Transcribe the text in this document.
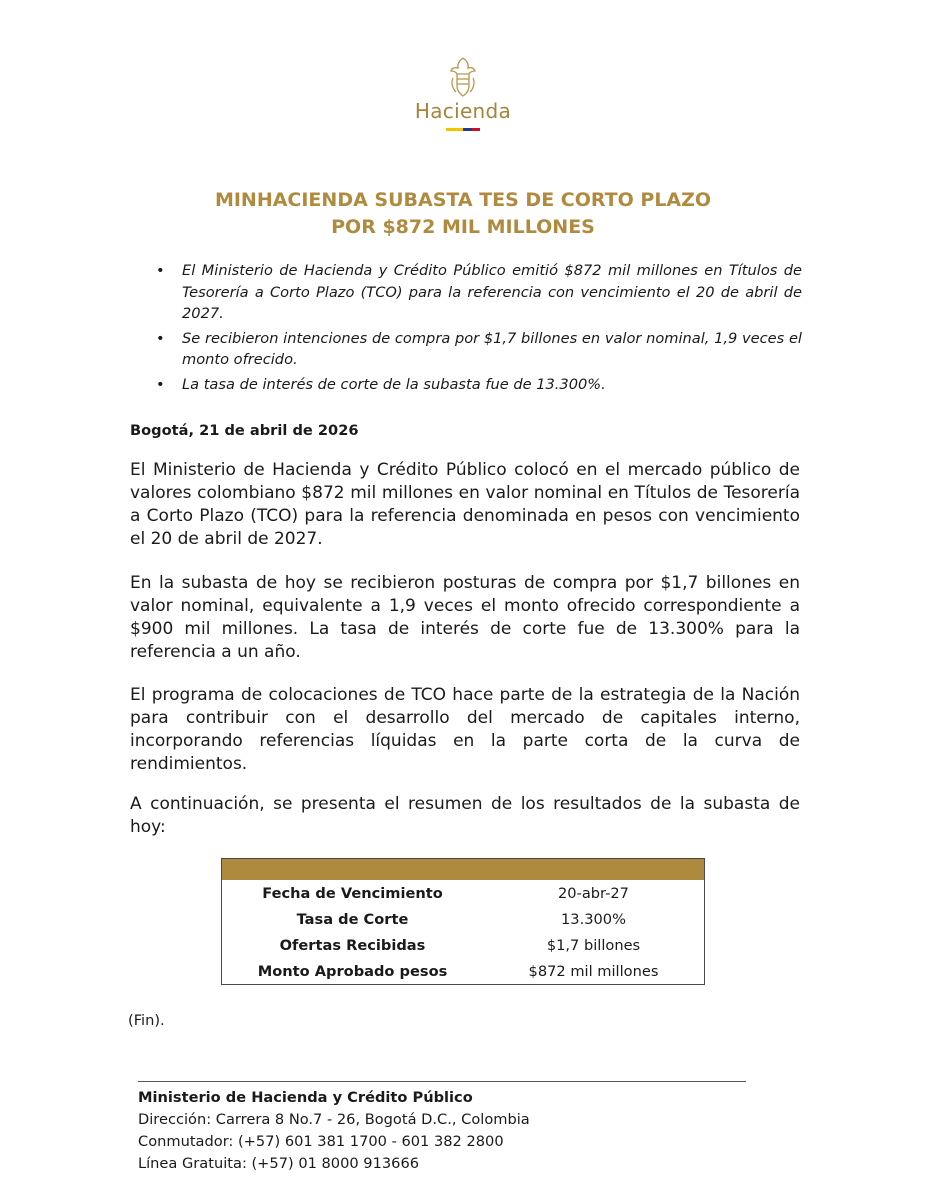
Hacienda
MINHACIENDA SUBASTA TES DE CORTO PLAZO
POR $872 MIL MILLONES
• El Ministerio de Hacienda y Crédito Público emitió $872 mil millones en Títulos de Tesorería a Corto Plazo (TCO) para la referencia con vencimiento el 20 de abril de 2027.
• Se recibieron intenciones de compra por $1,7 billones en valor nominal, 1,9 veces el monto ofrecido.
• La tasa de interés de corte de la subasta fue de 13.300%.
Bogotá, 21 de abril de 2026

El Ministerio de Hacienda y Crédito Público colocó en el mercado público de valores colombiano $872 mil millones en valor nominal en Títulos de Tesorería a Corto Plazo (TCO) para la referencia denominada en pesos con vencimiento el 20 de abril de 2027.

En la subasta de hoy se recibieron posturas de compra por $1,7 billones en valor nominal, equivalente a 1,9 veces el monto ofrecido correspondiente a $900 mil millones. La tasa de interés de corte fue de 13.300% para la referencia a un año.

El programa de colocaciones de TCO hace parte de la estrategia de la Nación para contribuir con el desarrollo del mercado de capitales interno, incorporando referencias líquidas en la parte corta de la curva de rendimientos.

A continuación, se presenta el resumen de los resultados de la subasta de hoy:

Fecha de Vencimiento	20-abr-27
Tasa de Corte	13.300%
Ofertas Recibidas	$1,7 billones
Monto Aprobado pesos	$872 mil millones
(Fin).
Ministerio de Hacienda y Crédito Público
Dirección: Carrera 8 No.7 - 26, Bogotá D.C., Colombia
Conmutador: (+57) 601 381 1700 - 601 382 2800
Línea Gratuita: (+57) 01 8000 913666
